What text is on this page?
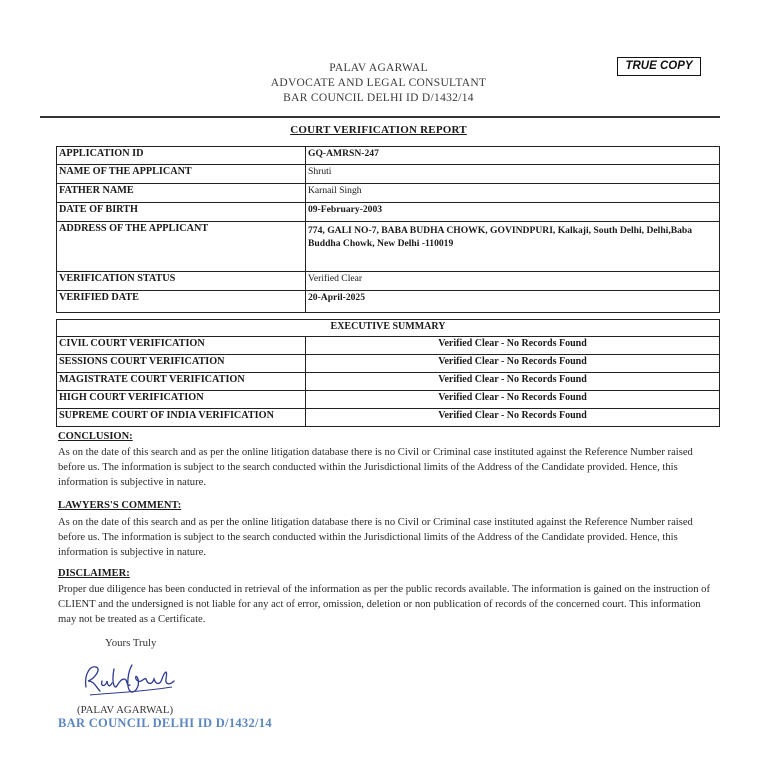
PALAV AGARWAL
ADVOCATE AND LEGAL CONSULTANT
BAR COUNCIL DELHI ID D/1432/14
TRUE COPY
COURT VERIFICATION REPORT
APPLICATION ID	GQ-AMRSN-247
NAME OF THE APPLICANT	Shruti
FATHER NAME	Karnail Singh
DATE OF BIRTH	09-February-2003
ADDRESS OF THE APPLICANT	774, GALI NO-7, BABA BUDHA CHOWK, GOVINDPURI, Kalkaji, South Delhi, Delhi,Baba Buddha Chowk, New Delhi -110019
VERIFICATION STATUS	Verified Clear
VERIFIED DATE	20-April-2025
EXECUTIVE SUMMARY	
CIVIL COURT VERIFICATION	Verified Clear - No Records Found
SESSIONS COURT VERIFICATION	Verified Clear - No Records Found
MAGISTRATE COURT VERIFICATION	Verified Clear - No Records Found
HIGH COURT VERIFICATION	Verified Clear - No Records Found
SUPREME COURT OF INDIA VERIFICATION	Verified Clear - No Records Found
CONCLUSION:
As on the date of this search and as per the online litigation database there is no Civil or Criminal case instituted against the Reference Number raised before us. The information is subject to the search conducted within the Jurisdictional limits of the Address of the Candidate provided. Hence, this information is subjective in nature.
LAWYERS'S COMMENT:
As on the date of this search and as per the online litigation database there is no Civil or Criminal case instituted against the Reference Number raised before us. The information is subject to the search conducted within the Jurisdictional limits of the Address of the Candidate provided. Hence, this information is subjective in nature.
DISCLAIMER:
Proper due diligence has been conducted in retrieval of the information as per the public records available. The information is gained on the instruction of CLIENT and the undersigned is not liable for any act of error, omission, deletion or non publication of records of the concerned court. This information may not be treated as a Certificate.
Yours Truly
(PALAV AGARWAL)
BAR COUNCIL DELHI ID D/1432/14
